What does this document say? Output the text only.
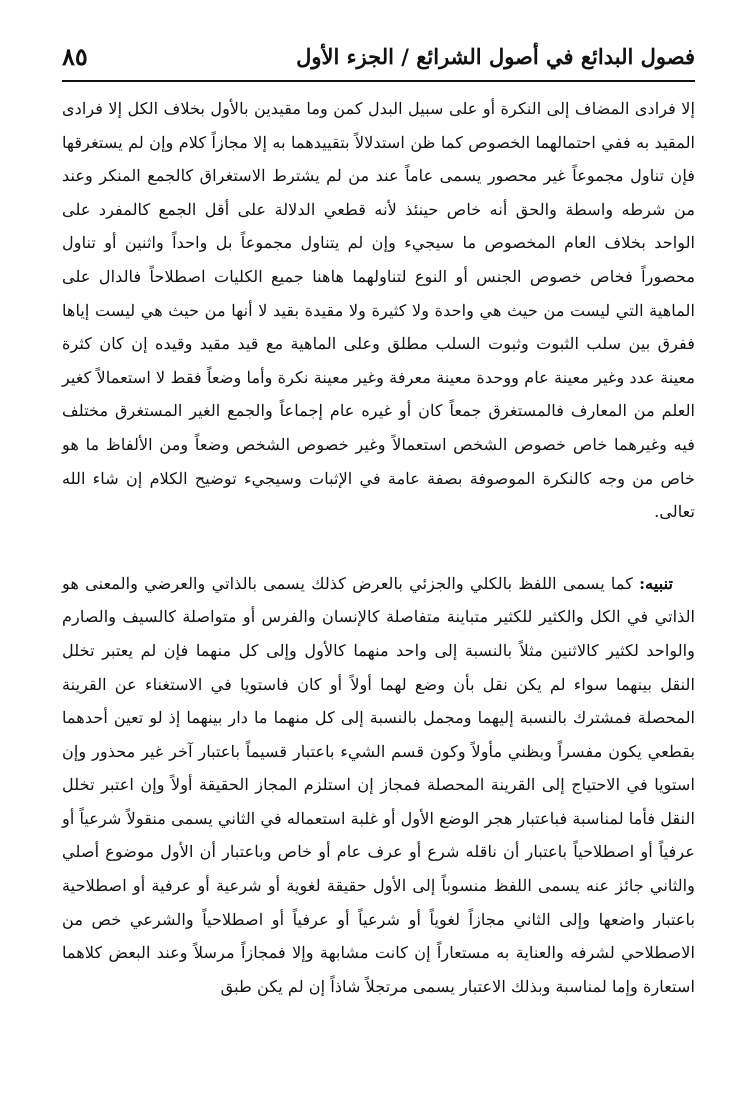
فصول البدائع في أصول الشرائع / الجزء الأول
٨٥

إلا فرادى المضاف إلى النكرة أو على سبيل البدل كمن وما مقيدين بالأول بخلاف الكل إلا فرادى المقيد به ففي احتمالهما الخصوص كما ظن استدلالاً بتقييدهما به إلا مجازاً كلام وإن لم يستغرقها فإن تناول مجموعاً غير محصور يسمى عاماً عند من لم يشترط الاستغراق كالجمع المنكر وعند من شرطه واسطة والحق أنه خاص حينئذ لأنه قطعي الدلالة على أقل الجمع كالمفرد على الواحد بخلاف العام المخصوص ما سيجيء وإن لم يتناول مجموعاً بل واحداً واثنين أو تناول محصوراً فخاص خصوص الجنس أو النوع لتناولهما هاهنا جميع الكليات اصطلاحاً فالدال على الماهية التي ليست من حيث هي واحدة ولا كثيرة ولا مقيدة بقيد لا أنها من حيث هي ليست إياها ففرق بين سلب الثبوت وثبوت السلب مطلق وعلى الماهية مع قيد مقيد وقيده إن كان كثرة معينة عدد وغير معينة عام ووحدة معينة معرفة وغير معينة نكرة وأما وضعاً فقط لا استعمالاً كغير العلم من المعارف فالمستغرق جمعاً كان أو غيره عام إجماعاً والجمع الغير المستغرق مختلف فيه وغيرهما خاص خصوص الشخص استعمالاً وغير خصوص الشخص وضعاً ومن الألفاظ ما هو خاص من وجه كالنكرة الموصوفة بصفة عامة في الإثبات وسيجيء توضيح الكلام إن شاء الله تعالى.

تنبيه: كما يسمى اللفظ بالكلي والجزئي بالعرض كذلك يسمى بالذاتي والعرضي والمعنى هو الذاتي في الكل والكثير للكثير متباينة متفاصلة كالإنسان والفرس أو متواصلة كالسيف والصارم والواحد لكثير كالاثنين مثلاً بالنسبة إلى واحد منهما كالأول وإلى كل منهما فإن لم يعتبر تخلل النقل بينهما سواء لم يكن نقل بأن وضع لهما أولاً أو كان فاستويا في الاستغناء عن القرينة المحصلة فمشترك بالنسبة إليهما ومجمل بالنسبة إلى كل منهما ما دار بينهما إذ لو تعين أحدهما بقطعي يكون مفسراً وبظني مأولاً وكون قسم الشيء باعتبار قسيماً باعتبار آخر غير محذور وإن استويا في الاحتياج إلى القرينة المحصلة فمجاز إن استلزم المجاز الحقيقة أولاً وإن اعتبر تخلل النقل فأما لمناسبة فباعتبار هجر الوضع الأول أو غلبة استعماله في الثاني يسمى منقولاً شرعياً أو عرفياً أو اصطلاحياً باعتبار أن ناقله شرع أو عرف عام أو خاص وباعتبار أن الأول موضوع أصلي والثاني جائز عنه يسمى اللفظ منسوباً إلى الأول حقيقة لغوية أو شرعية أو عرفية أو اصطلاحية باعتبار واضعها وإلى الثاني مجازاً لغوياً أو شرعياً أو عرفياً أو اصطلاحياً والشرعي خص من الاصطلاحي لشرفه والعناية به مستعاراً إن كانت مشابهة وإلا فمجازاً مرسلاً وعند البعض كلاهما استعارة وإما لمناسبة وبذلك الاعتبار يسمى مرتجلاً شاذاً إن لم يكن طبق
